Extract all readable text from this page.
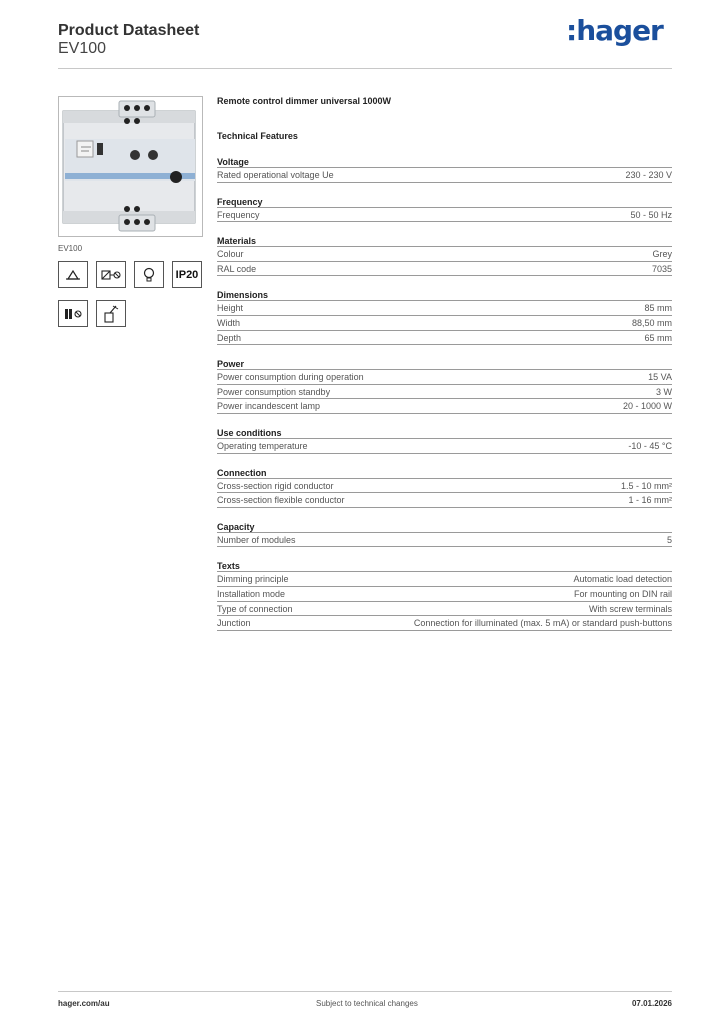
Product Datasheet
EV100
:hager
EV100
IP20
Remote control dimmer universal 1000W
Technical Features
Voltage
Rated operational voltage Ue	230 - 230 V
Frequency
Frequency	50 - 50 Hz
Materials
Colour	Grey
RAL code	7035
Dimensions
Height	85 mm
Width	88,50 mm
Depth	65 mm
Power
Power consumption during operation	15 VA
Power consumption standby	3 W
Power incandescent lamp	20 - 1000 W
Use conditions
Operating temperature	-10 - 45 °C
Connection
Cross-section rigid conductor	1.5 - 10 mm²
Cross-section flexible conductor	1 - 16 mm²
Capacity
Number of modules	5
Texts
Dimming principle	Automatic load detection
Installation mode	For mounting on DIN rail
Type of connection	With screw terminals
Junction	Connection for illuminated (max. 5 mA) or standard push-buttons
hager.com/au	Subject to technical changes	07.01.2026
